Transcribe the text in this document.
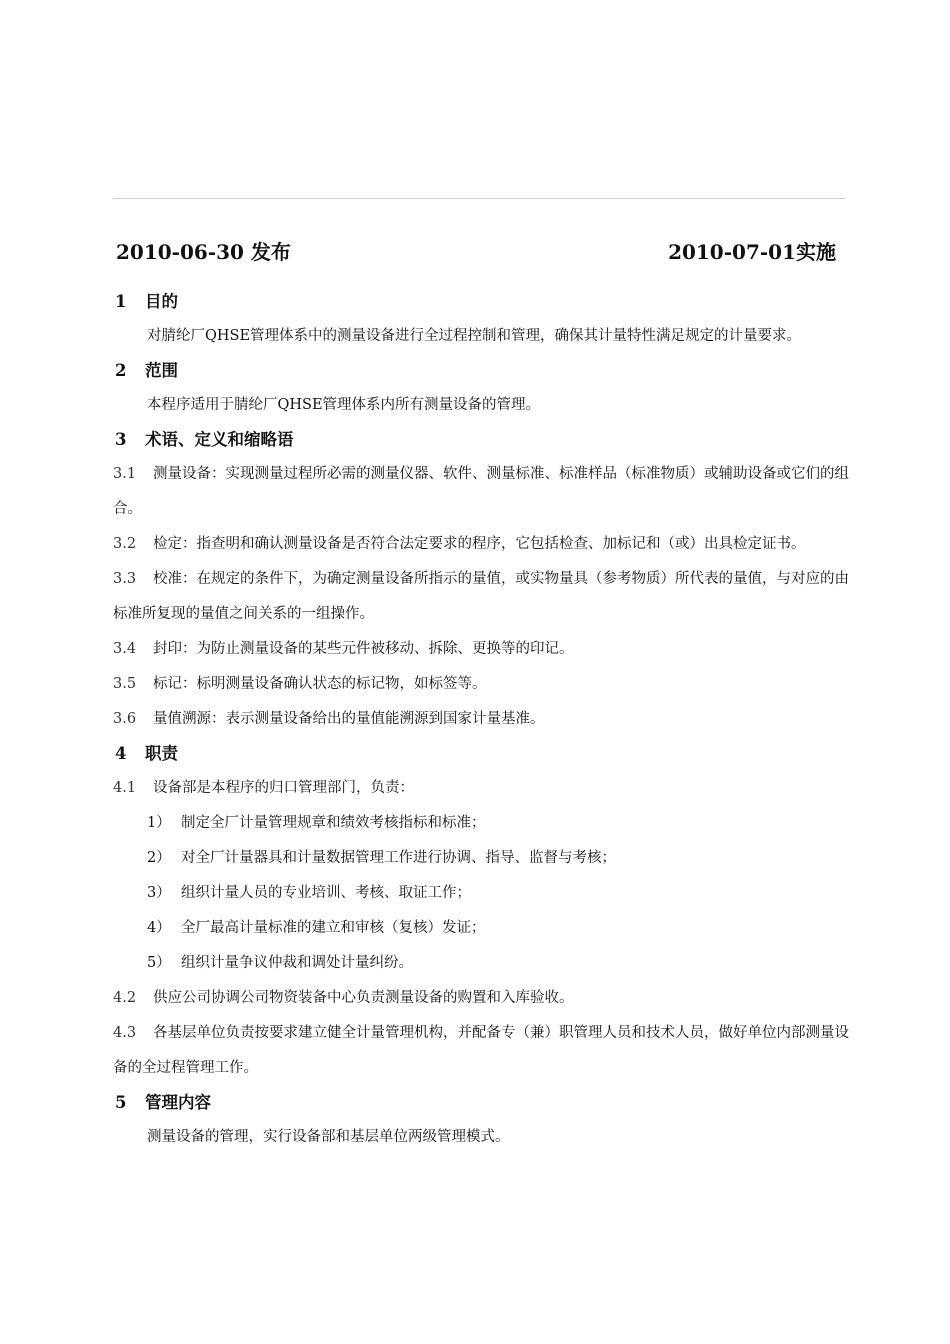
2010-06-30 发布	2010-07-01实施
1 目的
对腈纶厂QHSE管理体系中的测量设备进行全过程控制和管理，确保其计量特性满足规定的计量要求。
2 范围
本程序适用于腈纶厂QHSE管理体系内所有测量设备的管理。
3 术语、定义和缩略语
3.1 测量设备：实现测量过程所必需的测量仪器、软件、测量标准、标准样品（标准物质）或辅助设备或它们的组合。
3.2 检定：指查明和确认测量设备是否符合法定要求的程序，它包括检查、加标记和（或）出具检定证书。
3.3 校准：在规定的条件下，为确定测量设备所指示的量值，或实物量具（参考物质）所代表的量值，与对应的由标准所复现的量值之间关系的一组操作。
3.4 封印：为防止测量设备的某些元件被移动、拆除、更换等的印记。
3.5 标记：标明测量设备确认状态的标记物，如标签等。
3.6 量值溯源：表示测量设备给出的量值能溯源到国家计量基准。
4 职责
4.1 设备部是本程序的归口管理部门，负责：
1） 制定全厂计量管理规章和绩效考核指标和标准；
2） 对全厂计量器具和计量数据管理工作进行协调、指导、监督与考核；
3） 组织计量人员的专业培训、考核、取证工作；
4） 全厂最高计量标准的建立和审核（复核）发证；
5） 组织计量争议仲裁和调处计量纠纷。
4.2 供应公司协调公司物资装备中心负责测量设备的购置和入库验收。
4.3 各基层单位负责按要求建立健全计量管理机构，并配备专（兼）职管理人员和技术人员，做好单位内部测量设备的全过程管理工作。
5 管理内容
测量设备的管理，实行设备部和基层单位两级管理模式。
